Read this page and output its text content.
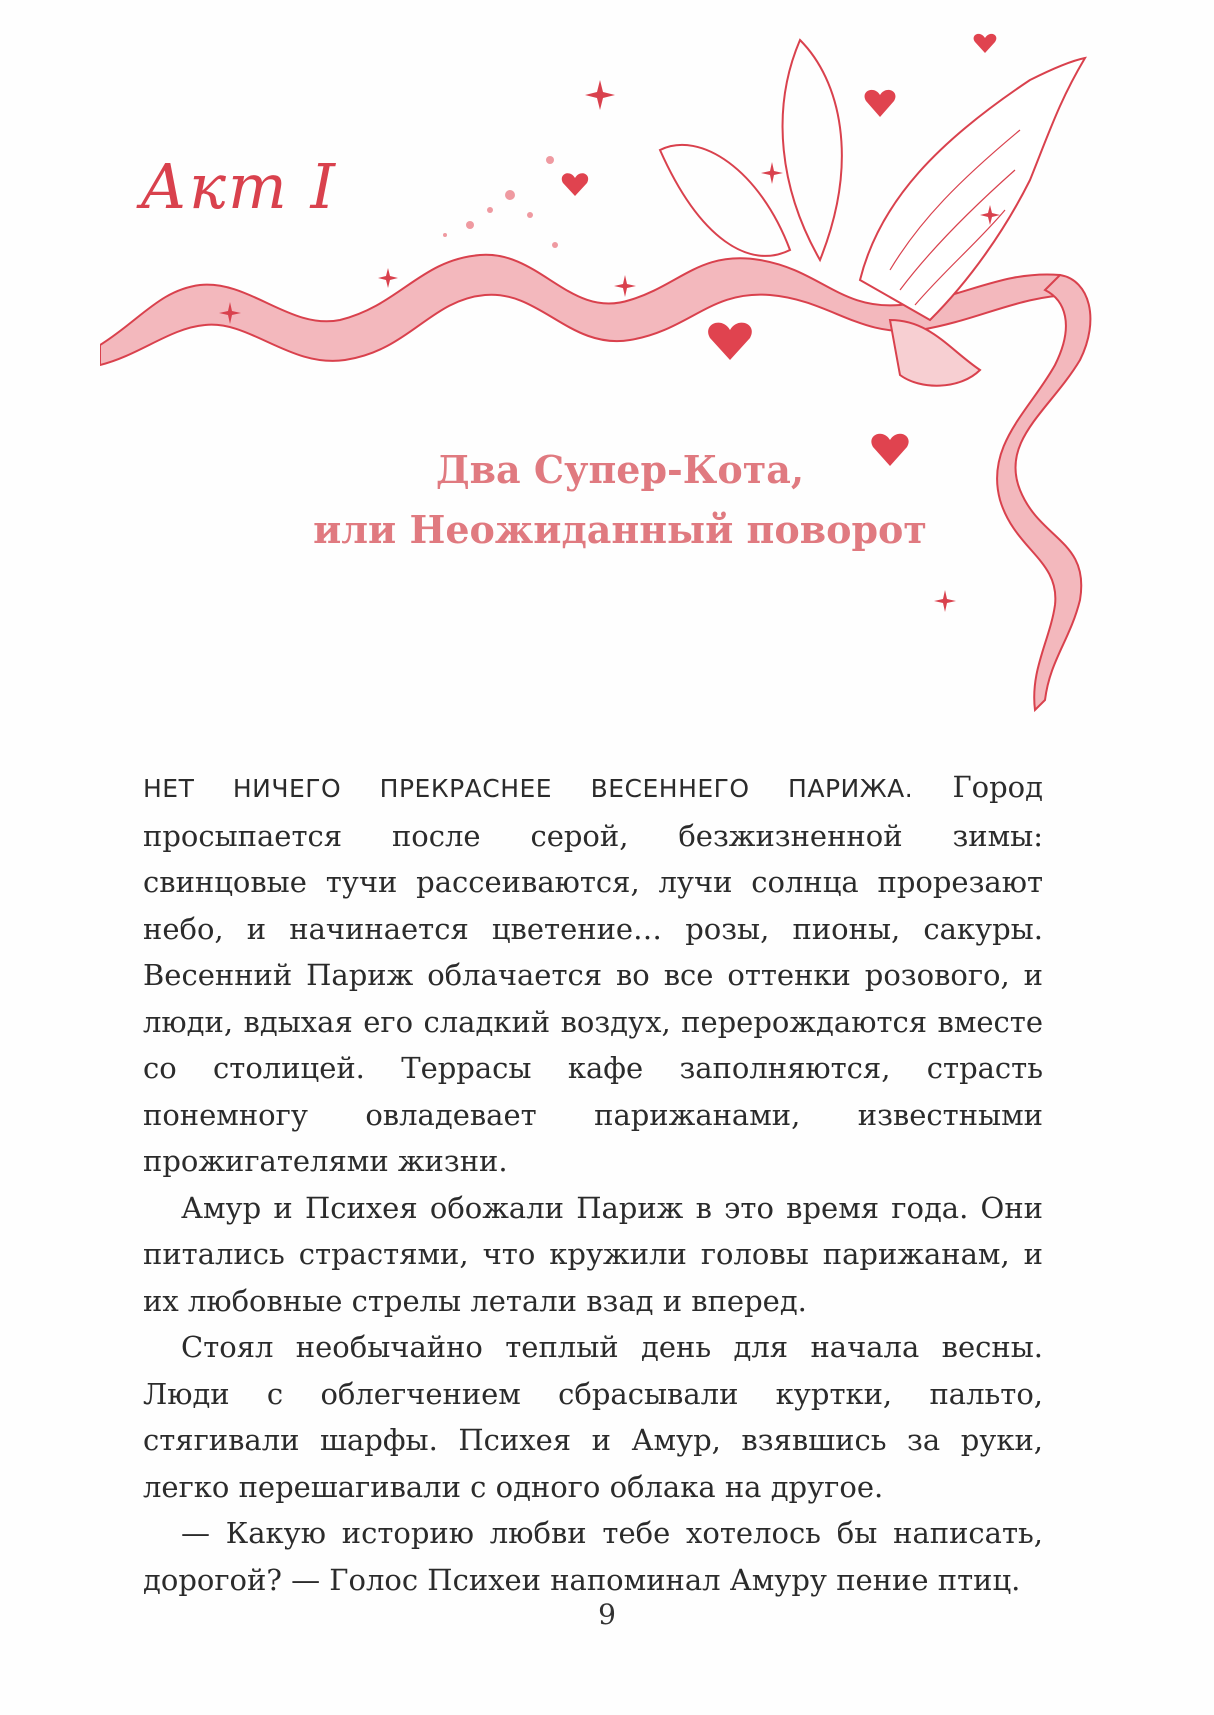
Акт I
Два Супер-Кота,
или Неожиданный поворот

НЕТ НИЧЕГО ПРЕКРАСНЕЕ ВЕСЕННЕГО ПАРИЖА. Город просыпается после серой, безжизненной зимы: свинцовые тучи рассеиваются, лучи солнца прорезают небо, и начинается цветение… розы, пионы, сакуры. Весенний Париж облачается во все оттенки розового, и люди, вдыхая его сладкий воздух, перерождаются вместе со столицей. Террасы кафе заполняются, страсть понемногу овладевает парижанами, известными прожигателями жизни.

Амур и Психея обожали Париж в это время года. Они питались страстями, что кружили головы парижанам, и их любовные стрелы летали взад и вперед.

Стоял необычайно теплый день для начала весны. Люди с облегчением сбрасывали куртки, пальто, стягивали шарфы. Психея и Амур, взявшись за руки, легко перешагивали с одного облака на другое.

— Какую историю любви тебе хотелось бы написать, дорогой? — Голос Психеи напоминал Амуру пение птиц.

9
